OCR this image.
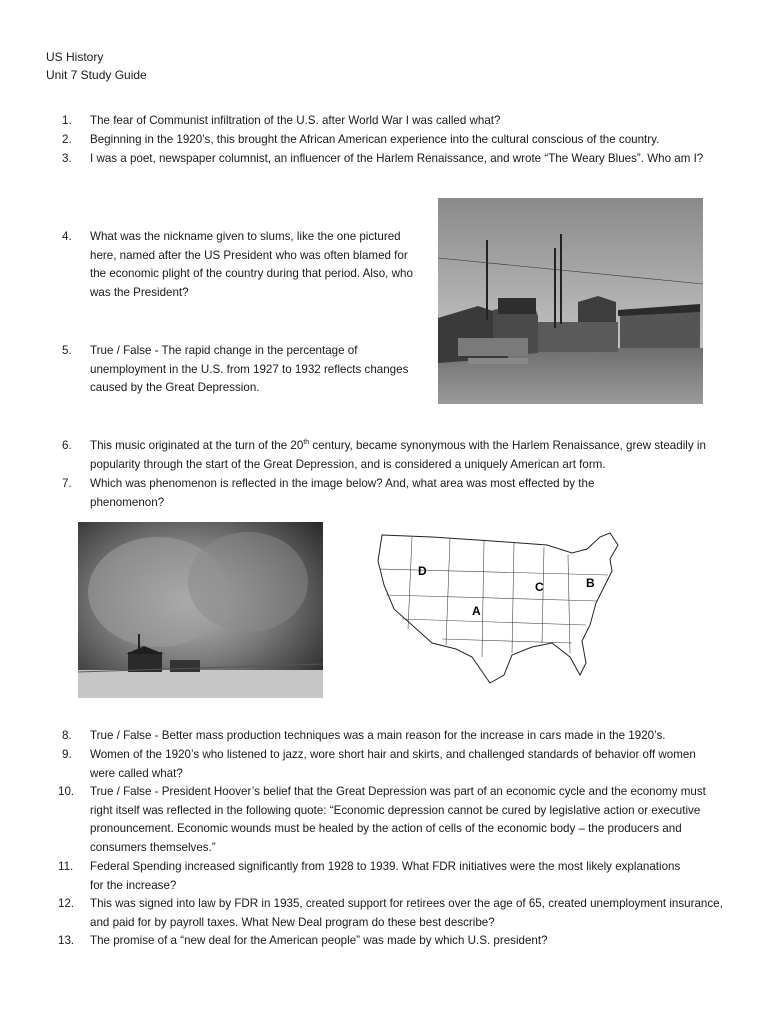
US History
Unit 7 Study Guide
1.	The fear of Communist infiltration of the U.S. after World War I was called what?
2.	Beginning in the 1920’s, this brought the African American experience into the cultural conscious of the country.
3.	I was a poet, newspaper columnist, an influencer of the Harlem Renaissance, and wrote “The Weary Blues”. Who am I?
4.	What was the nickname given to slums, like the one pictured here, named after the US President who was often blamed for the economic plight of the country during that period. Also, who was the President?
5.	True / False - The rapid change in the percentage of unemployment in the U.S. from 1927 to 1932 reflects changes caused by the Great Depression.
6.	This music originated at the turn of the 20th century, became synonymous with the Harlem Renaissance, grew steadily in popularity through the start of the Great Depression, and is considered a uniquely American art form.
7.	Which was phenomenon is reflected in the image below? And, what area was most effected by the phenomenon?
D
C	B
A
8.	True / False - Better mass production techniques was a main reason for the increase in cars made in the 1920’s.
9.	Women of the 1920’s who listened to jazz, wore short hair and skirts, and challenged standards of behavior off women were called what?
10.	True / False - President Hoover’s belief that the Great Depression was part of an economic cycle and the economy must right itself was reflected in the following quote: “Economic depression cannot be cured by legislative action or executive pronouncement. Economic wounds must be healed by the action of cells of the economic body – the producers and consumers themselves.”
11.	Federal Spending increased significantly from 1928 to 1939. What FDR initiatives were the most likely explanations for the increase?
12.	This was signed into law by FDR in 1935, created support for retirees over the age of 65, created unemployment insurance, and paid for by payroll taxes. What New Deal program do these best describe?
13.	The promise of a “new deal for the American people” was made by which U.S. president?
